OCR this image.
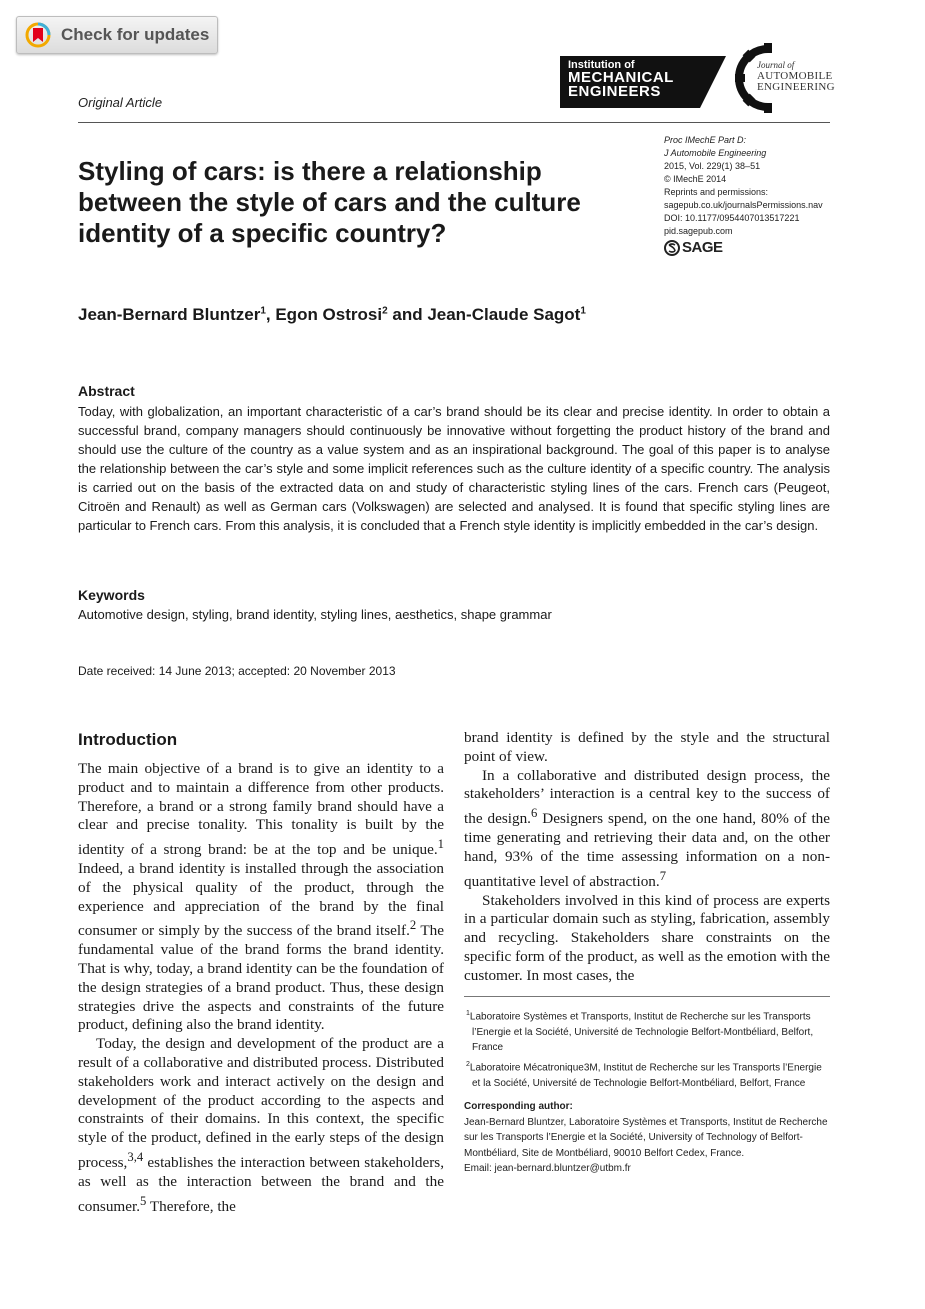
Check for updates
Original Article
Institution of
MECHANICAL
ENGINEERS
Journal of
AUTOMOBILE
ENGINEERING
Proc IMechE Part D:
J Automobile Engineering
2015, Vol. 229(1) 38–51
© IMechE 2014
Reprints and permissions:
sagepub.co.uk/journalsPermissions.nav
DOI: 10.1177/0954407013517221
pid.sagepub.com
SAGE
Styling of cars: is there a relationship between the style of cars and the culture identity of a specific country?
Jean-Bernard Bluntzer$^1$, Egon Ostrosi$^2$ and Jean-Claude Sagot$^1$
Abstract
Today, with globalization, an important characteristic of a car’s brand should be its clear and precise identity. In order to obtain a successful brand, company managers should continuously be innovative without forgetting the product history of the brand and should use the culture of the country as a value system and as an inspirational background. The goal of this paper is to analyse the relationship between the car’s style and some implicit references such as the culture identity of a specific country. The analysis is carried out on the basis of the extracted data on and study of characteristic styling lines of the cars. French cars (Peugeot, Citroën and Renault) as well as German cars (Volkswagen) are selected and analysed. It is found that specific styling lines are particular to French cars. From this analysis, it is concluded that a French style identity is implicitly embedded in the car’s design.
Keywords
Automotive design, styling, brand identity, styling lines, aesthetics, shape grammar
Date received: 14 June 2013; accepted: 20 November 2013
Introduction

The main objective of a brand is to give an identity to a product and to maintain a difference from other products. Therefore, a brand or a strong family brand should have a clear and precise tonality. This tonality is built by the identity of a strong brand: be at the top and be unique.$^1$ Indeed, a brand identity is installed through the association of the physical quality of the product, through the experience and appreciation of the brand by the final consumer or simply by the success of the brand itself.$^2$ The fundamental value of the brand forms the brand identity. That is why, today, a brand identity can be the foundation of the design strategies of a brand product. Thus, these design strategies drive the aspects and constraints of the future product, defining also the brand identity.

Today, the design and development of the product are a result of a collaborative and distributed process. Distributed stakeholders work and interact actively on the design and development of the product according to the aspects and constraints of their domains. In this context, the specific style of the product, defined in the early steps of the design process,$^{3,4}$ establishes the interaction between stakeholders, as well as the interaction between the brand and the consumer.$^5$ Therefore, the

brand identity is defined by the style and the structural point of view.

In a collaborative and distributed design process, the stakeholders’ interaction is a central key to the success of the design.$^6$ Designers spend, on the one hand, 80% of the time generating and retrieving their data and, on the other hand, 93% of the time assessing information on a non-quantitative level of abstraction.$^7$

Stakeholders involved in this kind of process are experts in a particular domain such as styling, fabrication, assembly and recycling. Stakeholders share constraints on the specific form of the product, as well as the emotion with the customer. In most cases, the

$^1$Laboratoire Systèmes et Transports, Institut de Recherche sur les Transports l’Energie et la Société, Université de Technologie Belfort-Montbéliard, Belfort, France
$^2$Laboratoire Mécatronique3M, Institut de Recherche sur les Transports l’Energie et la Société, Université de Technologie Belfort-Montbéliard, Belfort, France
Corresponding author:
Jean-Bernard Bluntzer, Laboratoire Systèmes et Transports, Institut de Recherche sur les Transports l’Energie et la Société, University of Technology of Belfort-Montbéliard, Site de Montbéliard, 90010 Belfort Cedex, France.
Email: jean-bernard.bluntzer@utbm.fr
